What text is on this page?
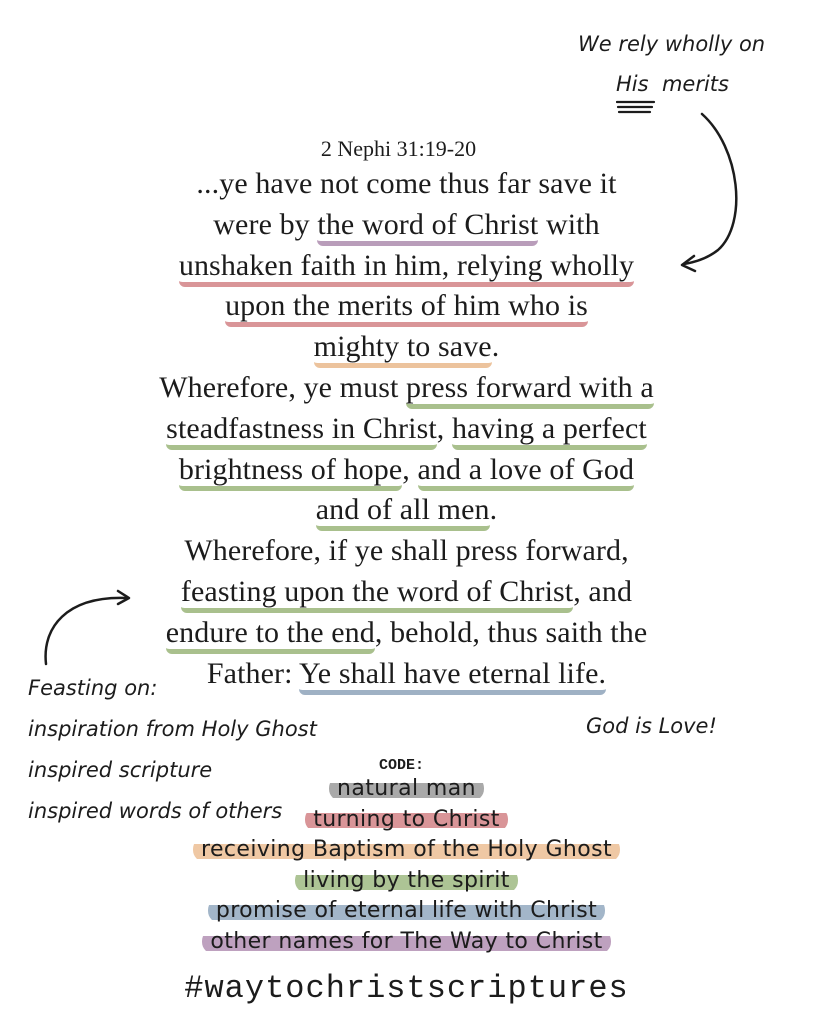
We rely wholly on
His merits
2 Nephi 31:19-20
...ye have not come thus far save it
were by the word of Christ with
unshaken faith in him, relying wholly
upon the merits of him who is
mighty to save.
Wherefore, ye must press forward with a
steadfastness in Christ, having a perfect
brightness of hope, and a love of God
and of all men.
Wherefore, if ye shall press forward,
feasting upon the word of Christ, and
endure to the end, behold, thus saith the
Father: Ye shall have eternal life.
Feasting on:
inspiration from Holy Ghost
inspired scripture
inspired words of others
God is Love!
CODE:
natural man
turning to Christ
receiving Baptism of the Holy Ghost
living by the spirit
promise of eternal life with Christ
other names for The Way to Christ
#waytochristscriptures
